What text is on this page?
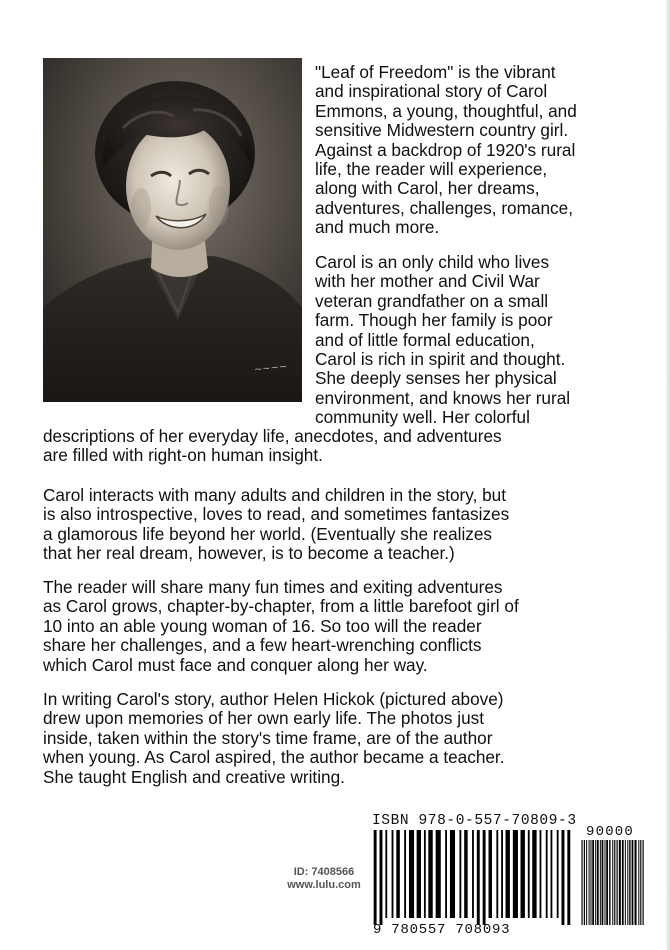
~~~~
"Leaf of Freedom" is the vibrant
and inspirational story of Carol
Emmons, a young, thoughtful, and
sensitive Midwestern country girl.
Against a backdrop of 1920's rural
life, the reader will experience,
along with Carol, her dreams,
adventures, challenges, romance,
and much more.
Carol is an only child who lives
with her mother and Civil War
veteran grandfather on a small
farm. Though her family is poor
and of little formal education,
Carol is rich in spirit and thought.
She deeply senses her physical
environment, and knows her rural
community well. Her colorful
descriptions of her everyday life, anecdotes, and adventures
are filled with right-on human insight.
Carol interacts with many adults and children in the story, but
is also introspective, loves to read, and sometimes fantasizes
a glamorous life beyond her world. (Eventually she realizes
that her real dream, however, is to become a teacher.)
The reader will share many fun times and exiting adventures
as Carol grows, chapter-by-chapter, from a little barefoot girl of
10 into an able young woman of 16. So too will the reader
share her challenges, and a few heart-wrenching conflicts
which Carol must face and conquer along her way.
In writing Carol's story, author Helen Hickok (pictured above)
drew upon memories of her own early life. The photos just
inside, taken within the story's time frame, are of the author
when young. As Carol aspired, the author became a teacher.
She taught English and creative writing.
ID: 7408566
www.lulu.com
ISBN 978-0-557-70809-3
9 780557 708093
90000
